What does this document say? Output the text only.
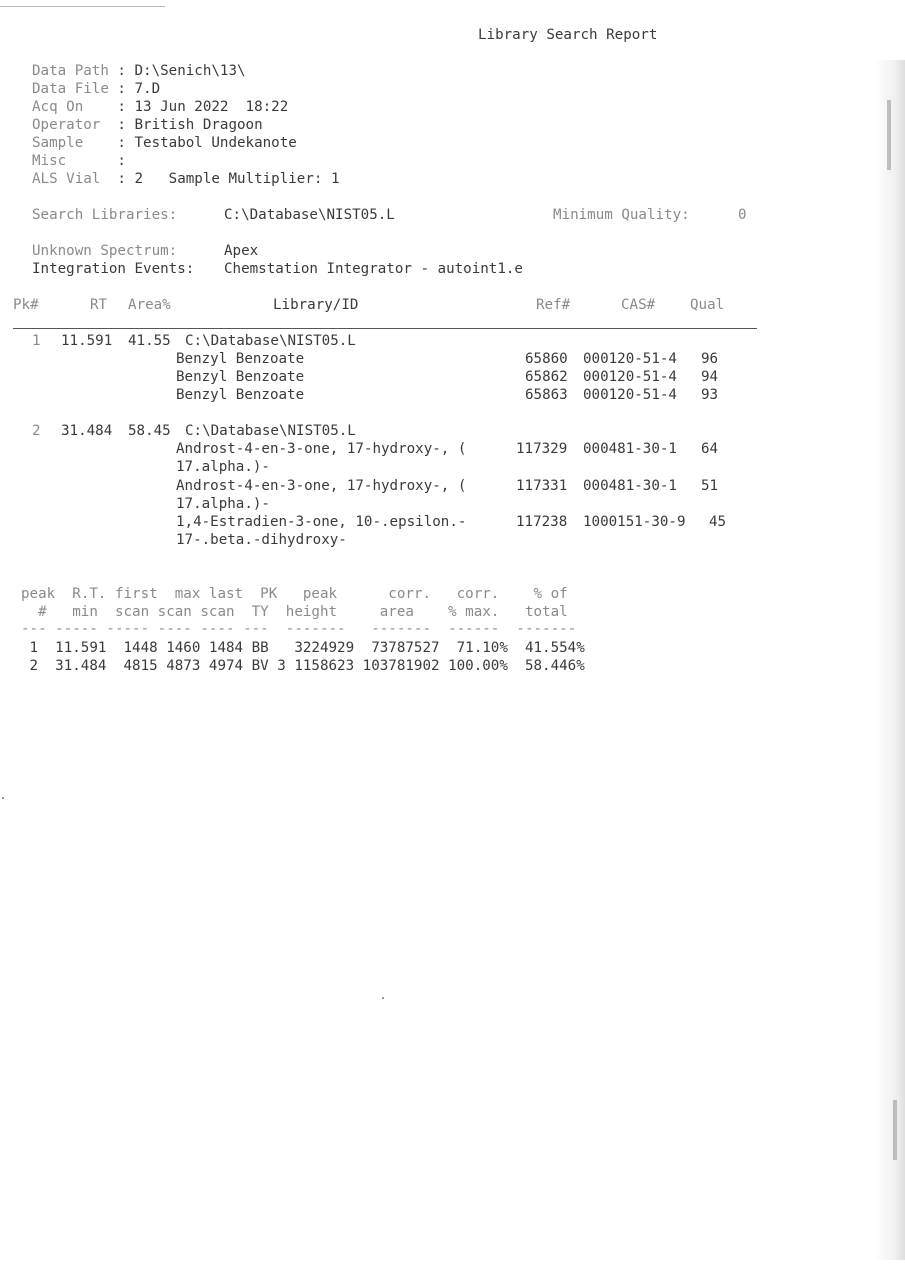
Library Search Report
Data Path : D:\Senich\13\
Data File : 7.D
Acq On    : 13 Jun 2022  18:22
Operator  : British Dragoon
Sample    : Testabol Undekanote
Misc      :
ALS Vial  : 2   Sample Multiplier: 1
Search Libraries:	C:\Database\NIST05.L	Minimum Quality:	0
Unknown Spectrum:	Apex
Integration Events: Chemstation Integrator - autoint1.e
Pk#	RT Area%	Library/ID	Ref#	CAS# Qual
1 11.591 41.55 C:\Database\NIST05.L
Benzyl Benzoate	65860 000120-51-4 96
Benzyl Benzoate	65862 000120-51-4 94
Benzyl Benzoate	65863 000120-51-4 93
2 31.484 58.45 C:\Database\NIST05.L
Androst-4-en-3-one, 17-hydroxy-, (
17.alpha.)-
117329 000481-30-1 64
Androst-4-en-3-one, 17-hydroxy-, (
17.alpha.)-
117331 000481-30-1 51
1,4-Estradien-3-one, 10-.epsilon.-
17-.beta.-dihydroxy-
117238 1000151-30-9 45
peak  R.T. first  max last  PK   peak      corr.   corr.    % of
#   min  scan scan scan  TY  height     area    % max.   total
--- ----- ----- ---- ---- ---  -------   -------  ------  -------
1  11.591  1448 1460 1484 BB   3224929  73787527  71.10%  41.554%
2  31.484  4815 4873 4974 BV 3 1158623 103781902 100.00%  58.446%
